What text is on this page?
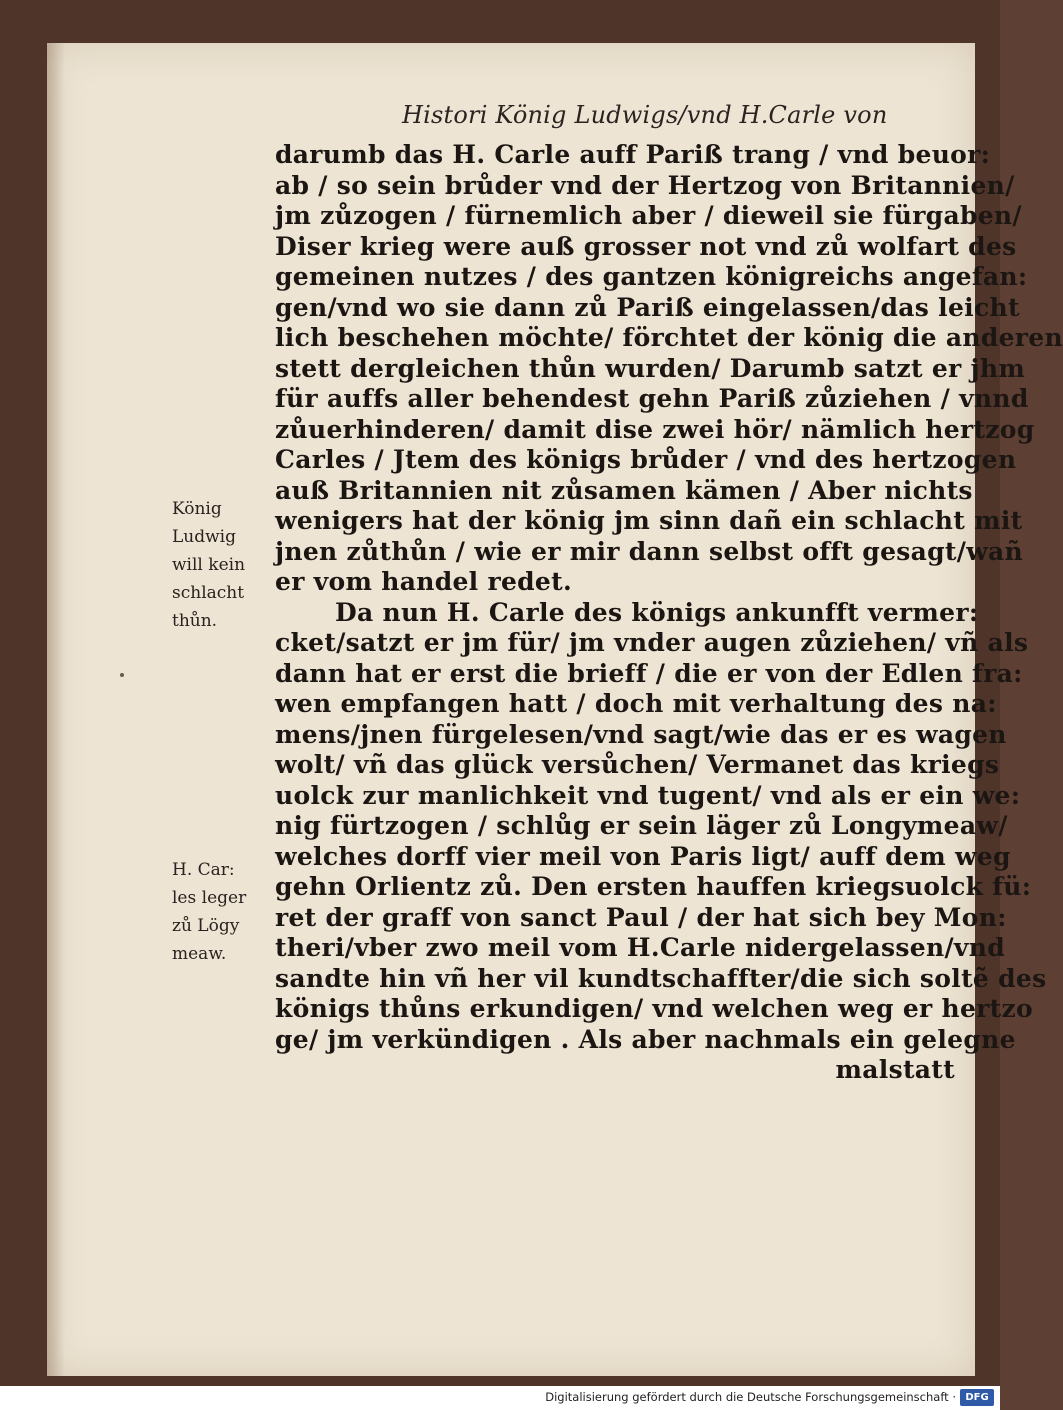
Histori König Ludwigs/vnd H.Carle von
darumb das H. Carle auff Pariß trang / vnd beuor:
ab / so sein brůder vnd der Hertzog von Britannien/
jm zůzogen / fürnemlich aber / dieweil sie fürgaben/
Diser krieg were auß grosser not vnd zů wolfart des
gemeinen nutzes / des gantzen königreichs angefan:
gen/vnd wo sie dann zů Pariß eingelassen/das leicht
lich beschehen möchte/ förchtet der könig die anderen
stett dergleichen thůn wurden/ Darumb satzt er jhm
für auffs aller behendest gehn Pariß zůziehen / vnnd
zůuerhinderen/ damit dise zwei hör/ nämlich hertzog
Carles / Jtem des königs brůder / vnd des hertzogen
auß Britannien nit zůsamen kämen / Aber nichts
wenigers hat der könig jm sinn dañ ein schlacht mit
jnen zůthůn / wie er mir dann selbst offt gesagt/wañ
er vom handel redet.
Da nun H. Carle des königs ankunfft vermer:
cket/satzt er jm für/ jm vnder augen zůziehen/ vñ als
dann hat er erst die brieff / die er von der Edlen fra:
wen empfangen hatt / doch mit verhaltung des na:
mens/jnen fürgelesen/vnd sagt/wie das er es wagen
wolt/ vñ das glück versůchen/ Vermanet das kriegs
uolck zur manlichkeit vnd tugent/ vnd als er ein we:
nig fürtzogen / schlůg er sein läger zů Longymeaw/
welches dorff vier meil von Paris ligt/ auff dem weg
gehn Orlientz zů. Den ersten hauffen kriegsuolck fü:
ret der graff von sanct Paul / der hat sich bey Mon:
theri/vber zwo meil vom H.Carle nidergelassen/vnd
sandte hin vñ her vil kundtschaffter/die sich soltẽ des
königs thůns erkundigen/ vnd welchen weg er hertzo
ge/ jm verkündigen . Als aber nachmals ein gelegne
malstatt
König
Ludwig
will kein
schlacht
thůn.
H. Car:
les leger
zů Lögy
meaw.
Digitalisierung gefördert durch die Deutsche Forschungsgemeinschaft · DFG
